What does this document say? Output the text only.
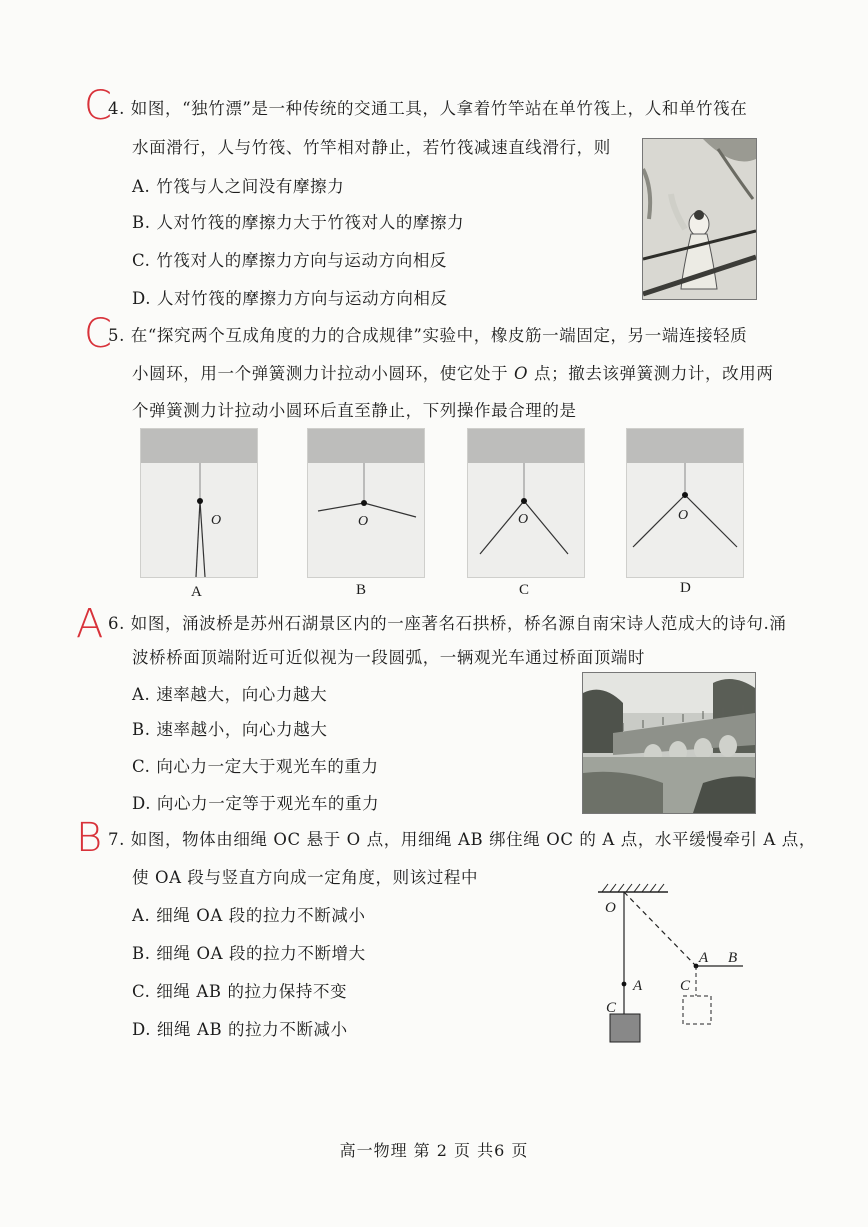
C
4. 如图，“独竹漂”是一种传统的交通工具，人拿着竹竿站在单竹筏上，人和单竹筏在
水面滑行，人与竹筏、竹竿相对静止，若竹筏减速直线滑行，则
A. 竹筏与人之间没有摩擦力
B. 人对竹筏的摩擦力大于竹筏对人的摩擦力
C. 竹筏对人的摩擦力方向与运动方向相反
D. 人对竹筏的摩擦力方向与运动方向相反
C
5. 在“探究两个互成角度的力的合成规律”实验中，橡皮筋一端固定，另一端连接轻质
小圆环，用一个弹簧测力计拉动小圆环，使它处于 O 点；撤去该弹簧测力计，改用两
个弹簧测力计拉动小圆环后直至静止，下列操作最合理的是
O
A
O
B
O
C
O
D
A 6. 如图，涌波桥是苏州石湖景区内的一座著名石拱桥，桥名源自南宋诗人范成大的诗句.涌
波桥桥面顶端附近可近似视为一段圆弧，一辆观光车通过桥面顶端时
A. 速率越大，向心力越大
B. 速率越小，向心力越大
C. 向心力一定大于观光车的重力
D. 向心力一定等于观光车的重力
B 7. 如图，物体由细绳 OC 悬于 O 点，用细绳 AB 绑住绳 OC 的 A 点，水平缓慢牵引 A 点，
使 OA 段与竖直方向成一定角度，则该过程中
A. 细绳 OA 段的拉力不断减小
B. 细绳 OA 段的拉力不断增大
C. 细绳 AB 的拉力保持不变
D. 细绳 AB 的拉力不断减小
O
A
C
A B
C
高一物理 第 2 页 共6 页
